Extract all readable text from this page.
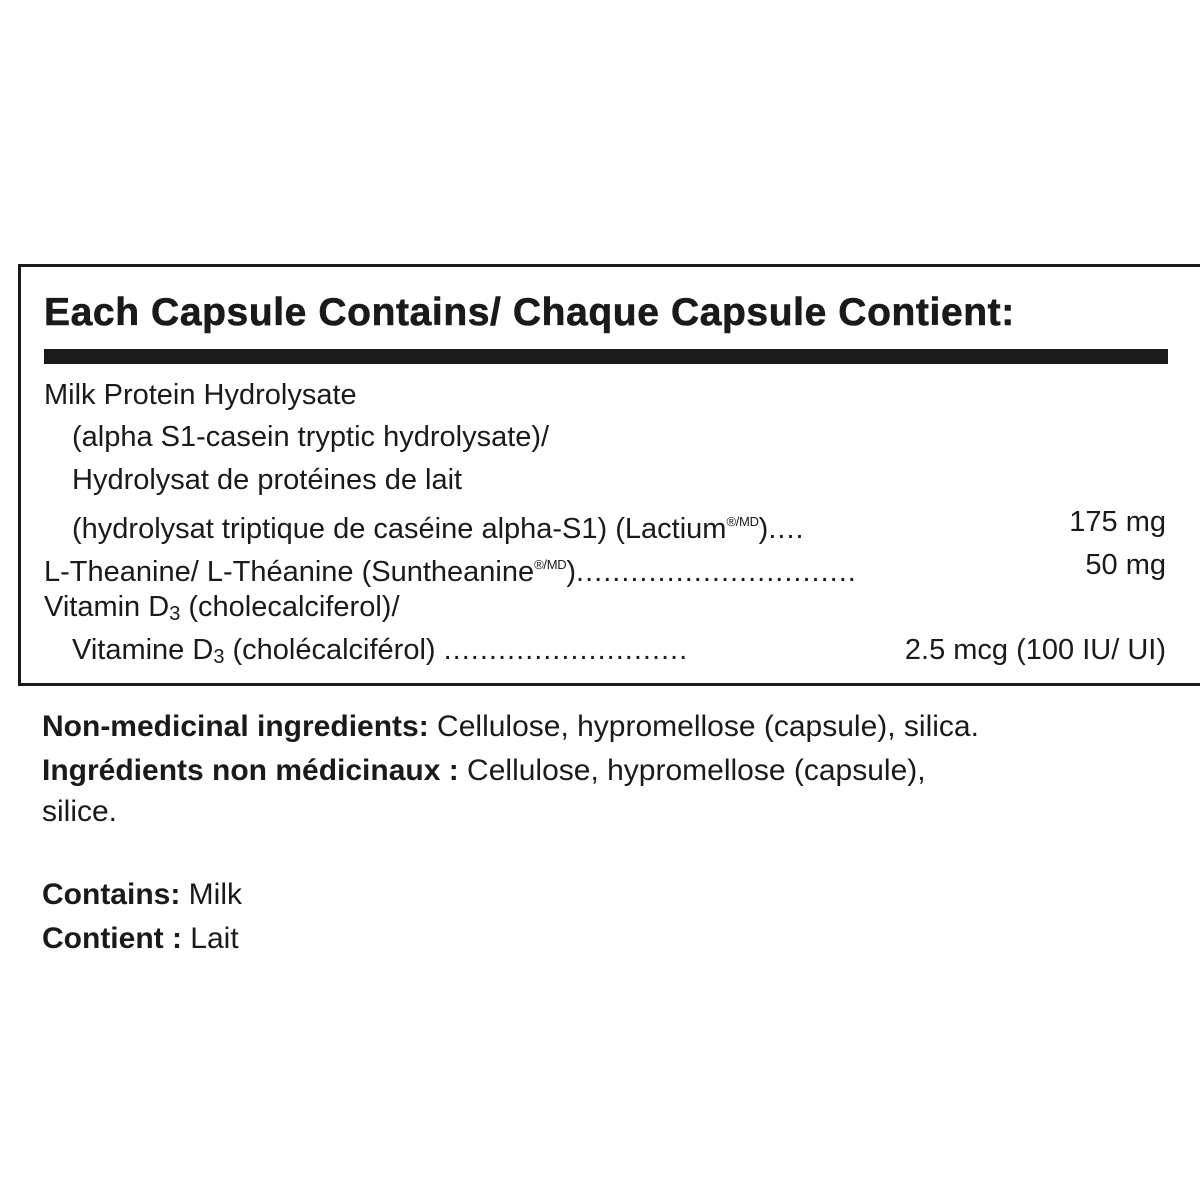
Each Capsule Contains/ Chaque Capsule Contient:
Milk Protein Hydrolysate
(alpha S1-casein tryptic hydrolysate)/
Hydrolysat de protéines de lait
(hydrolysat triptique de caséine alpha-S1) (Lactium$^{®/MD}$)....	175 mg
L-Theanine/ L-Théanine (Suntheanine$^{®/MD}$)...............................	50 mg
Vitamin $D_3$ (cholecalciferol)/
Vitamine $D_3$ (cholécalciférol) ...........................	2.5 mcg (100 IU/ UI)
Non-medicinal ingredients: Cellulose, hypromellose (capsule), silica.
Ingrédients non médicinaux : Cellulose, hypromellose (capsule),
silice.
Contains: Milk
Contient : Lait
